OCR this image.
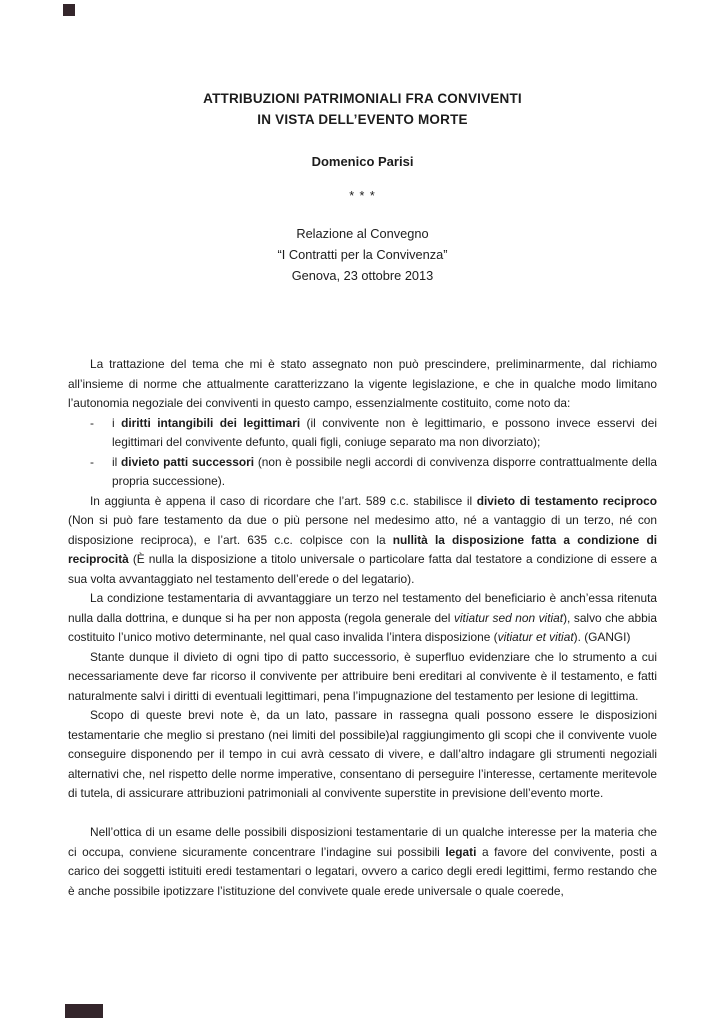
ATTRIBUZIONI PATRIMONIALI FRA CONVIVENTI
IN VISTA DELL’EVENTO MORTE
Domenico Parisi
* * *
Relazione al Convegno
“I Contratti per la Convivenza”
Genova, 23 ottobre 2013

La trattazione del tema che mi è stato assegnato non può prescindere, preliminarmente, dal richiamo all’insieme di norme che attualmente caratterizzano la vigente legislazione, e che in qualche modo limitano l’autonomia negoziale dei conviventi in questo campo, essenzialmente costituito, come noto da:

- i diritti intangibili dei legittimari (il convivente non è legittimario, e possono invece esservi dei legittimari del convivente defunto, quali figli, coniuge separato ma non divorziato);
- il divieto patti successori (non è possibile negli accordi di convivenza disporre contrattualmente della propria successione).

In aggiunta è appena il caso di ricordare che l’art. 589 c.c. stabilisce il divieto di testamento reciproco (Non si può fare testamento da due o più persone nel medesimo atto, né a vantaggio di un terzo, né con disposizione reciproca), e l’art. 635 c.c. colpisce con la nullità la disposizione fatta a condizione di reciprocità (È nulla la disposizione a titolo universale o particolare fatta dal testatore a condizione di essere a sua volta avvantaggiato nel testamento dell’erede o del legatario).

La condizione testamentaria di avvantaggiare un terzo nel testamento del beneficiario è anch’essa ritenuta nulla dalla dottrina, e dunque si ha per non apposta (regola generale del vitiatur sed non vitiat), salvo che abbia costituito l’unico motivo determinante, nel qual caso invalida l’intera disposizione (vitiatur et vitiat). (GANGI)

Stante dunque il divieto di ogni tipo di patto successorio, è superfluo evidenziare che lo strumento a cui necessariamente deve far ricorso il convivente per attribuire beni ereditari al convivente è il testamento, e fatti naturalmente salvi i diritti di eventuali legittimari, pena l’impugnazione del testamento per lesione di legittima.

Scopo di queste brevi note è, da un lato, passare in rassegna quali possono essere le disposizioni testamentarie che meglio si prestano (nei limiti del possibile)al raggiungimento gli scopi che il convivente vuole conseguire disponendo per il tempo in cui avrà cessato di vivere, e dall’altro indagare gli strumenti negoziali alternativi che, nel rispetto delle norme imperative, consentano di perseguire l’interesse, certamente meritevole di tutela, di assicurare attribuzioni patrimoniali al convivente superstite in previsione dell’evento morte.

Nell’ottica di un esame delle possibili disposizioni testamentarie di un qualche interesse per la materia che ci occupa, conviene sicuramente concentrare l’indagine sui possibili legati a favore del convivente, posti a carico dei soggetti istituiti eredi testamentari o legatari, ovvero a carico degli eredi legittimi, fermo restando che è anche possibile ipotizzare l’istituzione del convivete quale erede universale o quale coerede,
